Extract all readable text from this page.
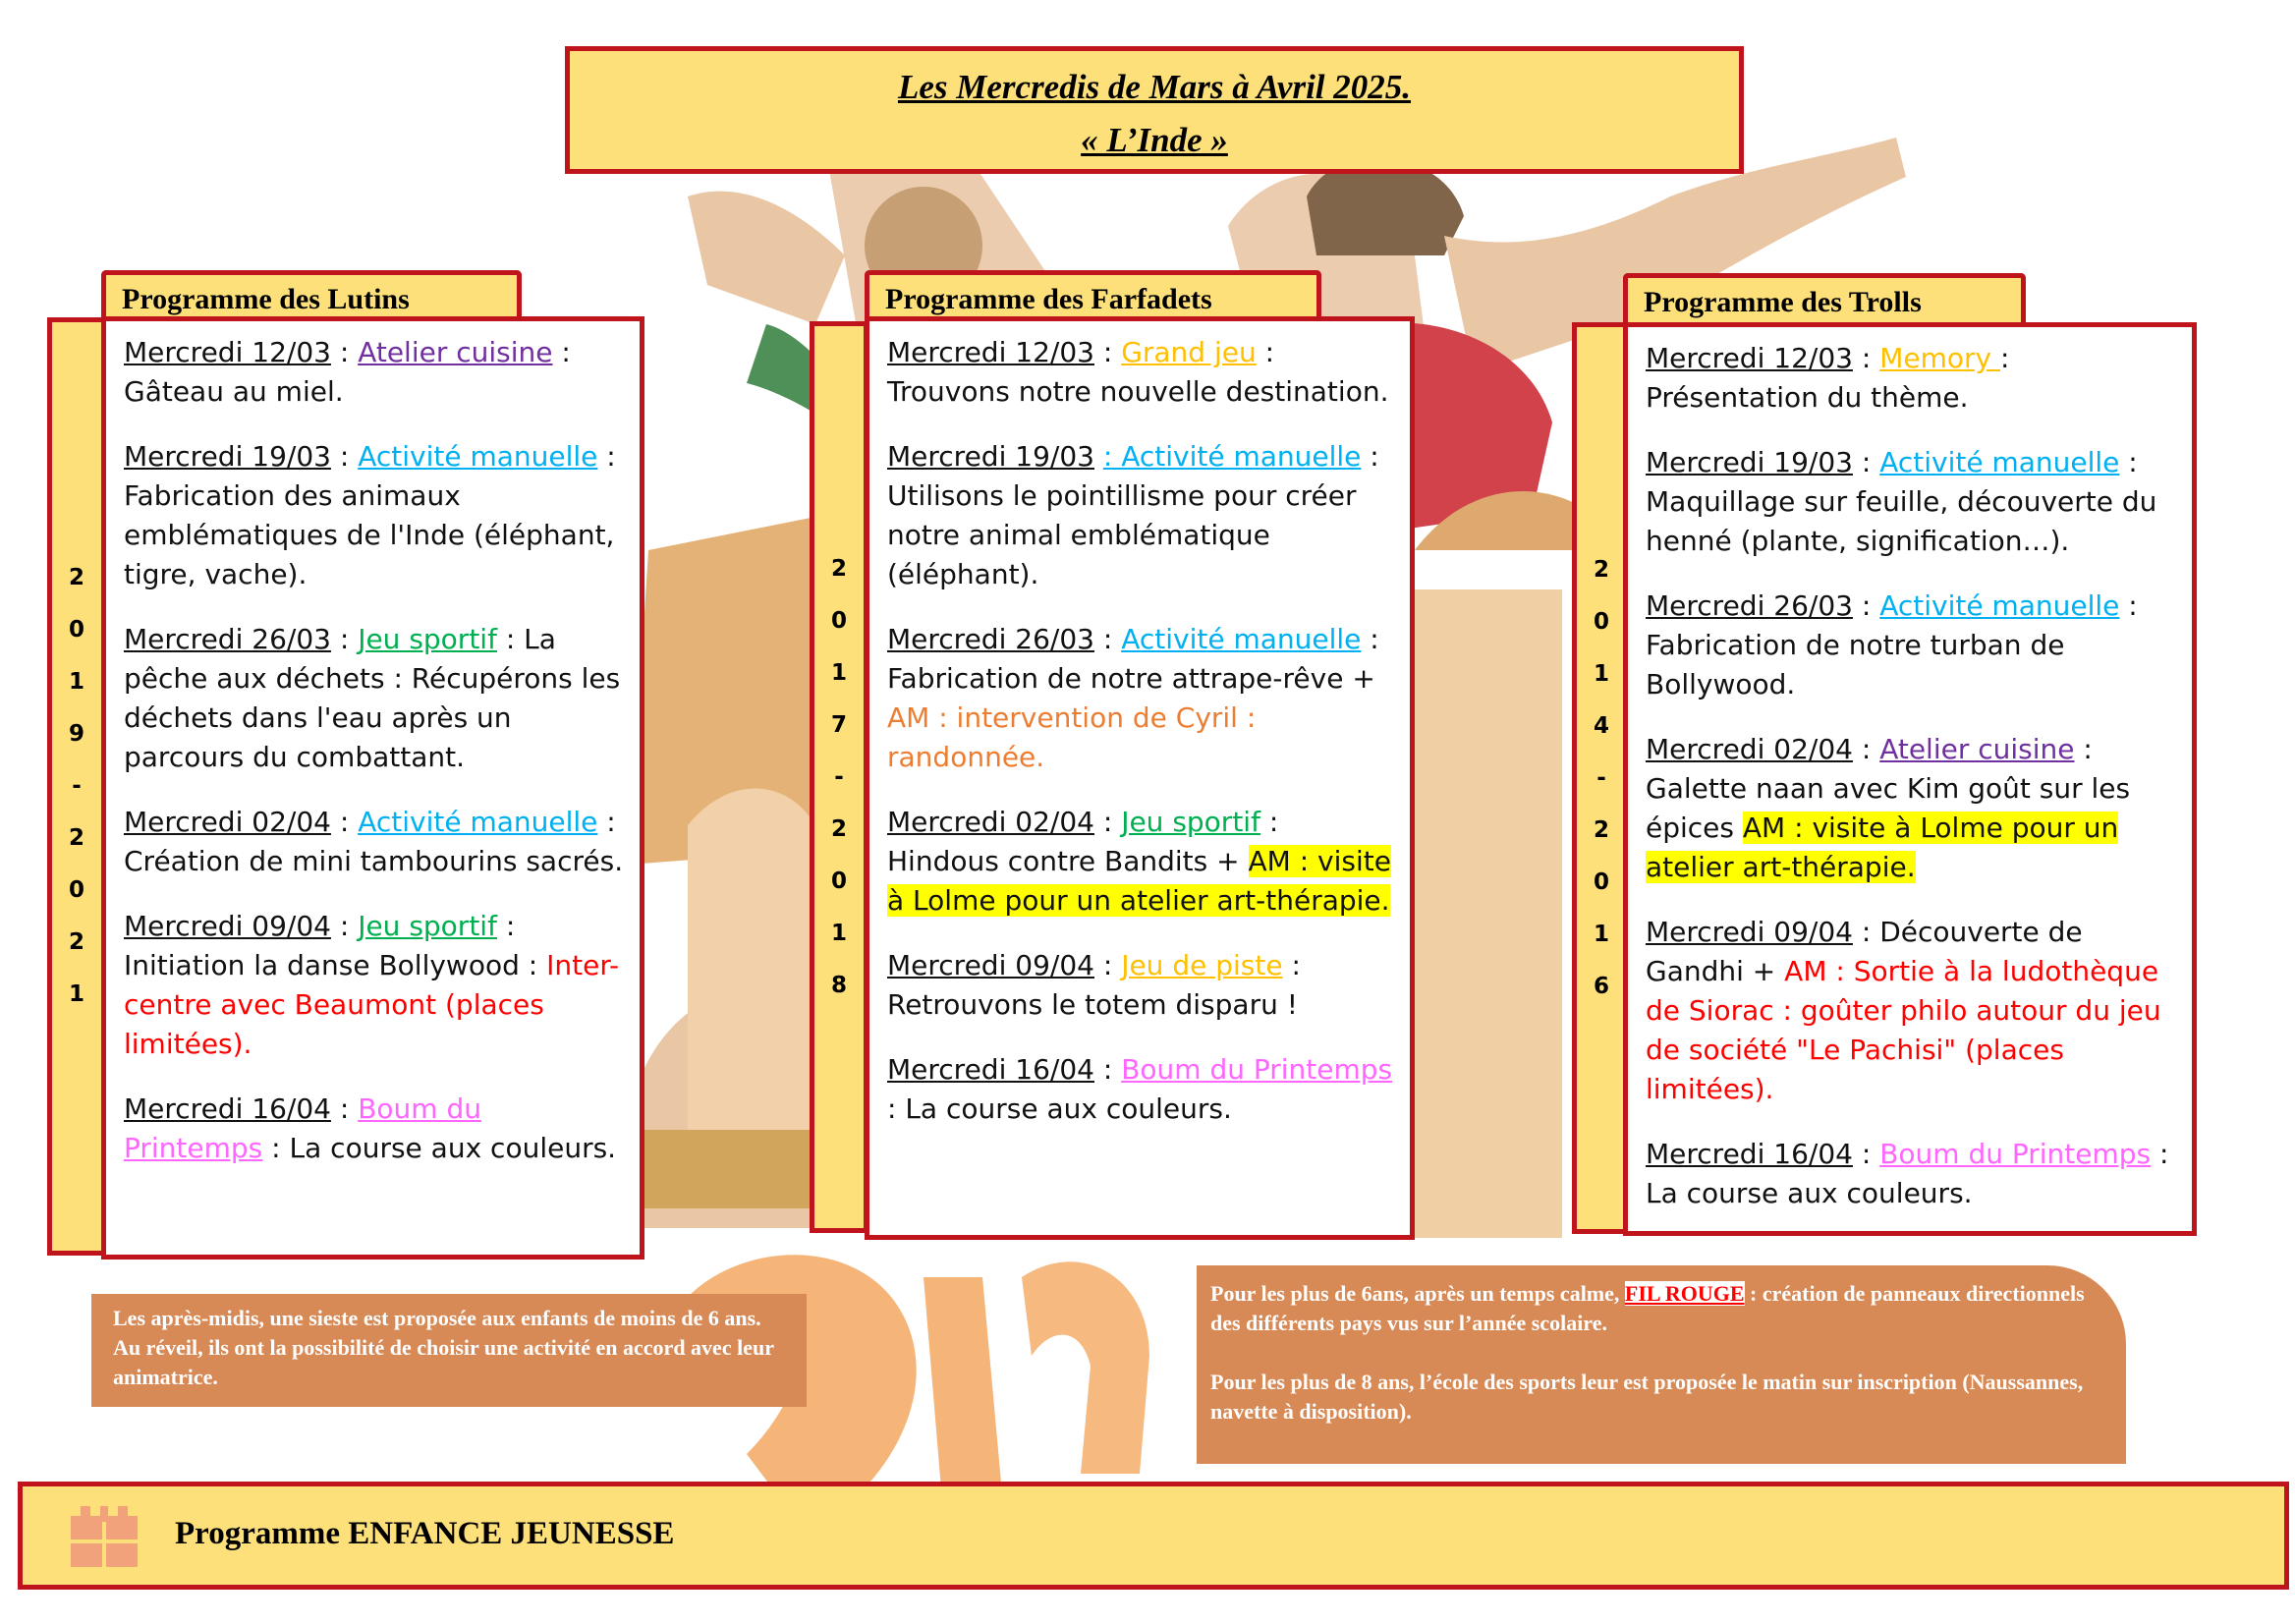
Les Mercredis de Mars à Avril 2025.
« L’Inde »
Programme des Lutins
2
0
1
9
-
2
0
2
1
Mercredi 12/03 : Atelier cuisine : Gâteau au miel.
Mercredi 19/03 : Activité manuelle : Fabrication des animaux emblématiques de l'Inde (éléphant, tigre, vache).
Mercredi 26/03 : Jeu sportif : La pêche aux déchets : Récupérons les déchets dans l'eau après un parcours du combattant.
Mercredi 02/04 : Activité manuelle : Création de mini tambourins sacrés.
Mercredi 09/04 : Jeu sportif : Initiation la danse Bollywood : Inter-centre avec Beaumont (places limitées).
Mercredi 16/04 : Boum du Printemps : La course aux couleurs.
Programme des Farfadets
2
0
1
7
-
2
0
1
8
Mercredi 12/03 : Grand jeu : Trouvons notre nouvelle destination.
Mercredi 19/03 : Activité manuelle : Utilisons le pointillisme pour créer notre animal emblématique (éléphant).
Mercredi 26/03 : Activité manuelle : Fabrication de notre attrape-rêve + AM : intervention de Cyril : randonnée.
Mercredi 02/04 : Jeu sportif : Hindous contre Bandits + AM : visite à Lolme pour un atelier art-thérapie.
Mercredi 09/04 : Jeu de piste : Retrouvons le totem disparu !
Mercredi 16/04 : Boum du Printemps : La course aux couleurs.
Programme des Trolls
2
0
1
4
-
2
0
1
6
Mercredi 12/03 : Memory : Présentation du thème.
Mercredi 19/03 : Activité manuelle : Maquillage sur feuille, découverte du henné (plante, signification…).
Mercredi 26/03 : Activité manuelle : Fabrication de notre turban de Bollywood.
Mercredi 02/04 : Atelier cuisine : Galette naan avec Kim goût sur les épices AM : visite à Lolme pour un atelier art-thérapie.
Mercredi 09/04 : Découverte de Gandhi + AM : Sortie à la ludothèque de Siorac : goûter philo autour du jeu de société "Le Pachisi" (places limitées).
Mercredi 16/04 : Boum du Printemps : La course aux couleurs.
Les après-midis, une sieste est proposée aux enfants de moins de 6 ans. Au réveil, ils ont la possibilité de choisir une activité en accord avec leur animatrice.

Pour les plus de 6ans, après un temps calme, FIL ROUGE : création de panneaux directionnels des différents pays vus sur l’année scolaire.

Pour les plus de 8 ans, l’école des sports leur est proposée le matin sur inscription (Naussannes, navette à disposition).

Programme ENFANCE JEUNESSE
